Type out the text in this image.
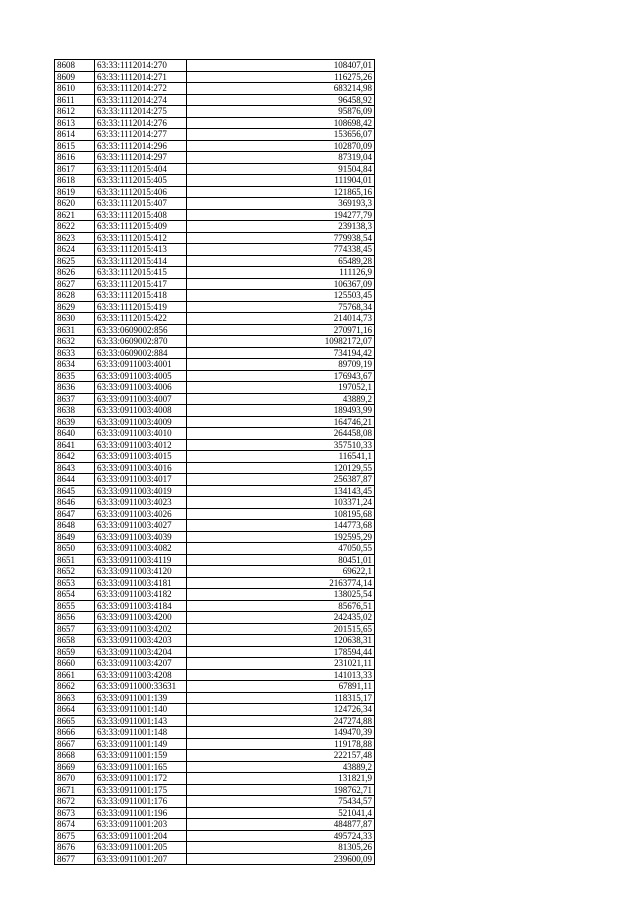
8608	63:33:1112014:270	108407,01
8609	63:33:1112014:271	116275,26
8610	63:33:1112014:272	683214,98
8611	63:33:1112014:274	96458,92
8612	63:33:1112014:275	95876,09
8613	63:33:1112014:276	108698,42
8614	63:33:1112014:277	153656,07
8615	63:33:1112014:296	102870,09
8616	63:33:1112014:297	87319,04
8617	63:33:1112015:404	91504,84
8618	63:33:1112015:405	111904,01
8619	63:33:1112015:406	121865,16
8620	63:33:1112015:407	369193,3
8621	63:33:1112015:408	194277,79
8622	63:33:1112015:409	239138,3
8623	63:33:1112015:412	779938,54
8624	63:33:1112015:413	774338,45
8625	63:33:1112015:414	65489,28
8626	63:33:1112015:415	111126,9
8627	63:33:1112015:417	106367,09
8628	63:33:1112015:418	125503,45
8629	63:33:1112015:419	75768,34
8630	63:33:1112015:422	214014,73
8631	63:33:0609002:856	270971,16
8632	63:33:0609002:870	10982172,07
8633	63:33:0609002:884	734194,42
8634	63:33:0911003:4001	89709,19
8635	63:33:0911003:4005	176943,67
8636	63:33:0911003:4006	197052,1
8637	63:33:0911003:4007	43889,2
8638	63:33:0911003:4008	189493,99
8639	63:33:0911003:4009	164746,21
8640	63:33:0911003:4010	264458,08
8641	63:33:0911003:4012	357510,33
8642	63:33:0911003:4015	116541,1
8643	63:33:0911003:4016	120129,55
8644	63:33:0911003:4017	256387,87
8645	63:33:0911003:4019	134143,45
8646	63:33:0911003:4023	103371,24
8647	63:33:0911003:4026	108195,68
8648	63:33:0911003:4027	144773,68
8649	63:33:0911003:4039	192595,29
8650	63:33:0911003:4082	47050,55
8651	63:33:0911003:4119	80451,01
8652	63:33:0911003:4120	69622,1
8653	63:33:0911003:4181	2163774,14
8654	63:33:0911003:4182	138025,54
8655	63:33:0911003:4184	85676,51
8656	63:33:0911003:4200	242435,02
8657	63:33:0911003:4202	201515,65
8658	63:33:0911003:4203	120638,31
8659	63:33:0911003:4204	178594,44
8660	63:33:0911003:4207	231021,11
8661	63:33:0911003:4208	141013,33
8662	63:33:0911000:33631	67891,11
8663	63:33:0911001:139	118315,17
8664	63:33:0911001:140	124726,34
8665	63:33:0911001:143	247274,88
8666	63:33:0911001:148	149470,39
8667	63:33:0911001:149	119178,88
8668	63:33:0911001:159	222157,48
8669	63:33:0911001:165	43889,2
8670	63:33:0911001:172	131821,9
8671	63:33:0911001:175	198762,71
8672	63:33:0911001:176	75434,57
8673	63:33:0911001:196	521041,4
8674	63:33:0911001:203	484877,87
8675	63:33:0911001:204	495724,33
8676	63:33:0911001:205	81305,26
8677	63:33:0911001:207	239600,09
